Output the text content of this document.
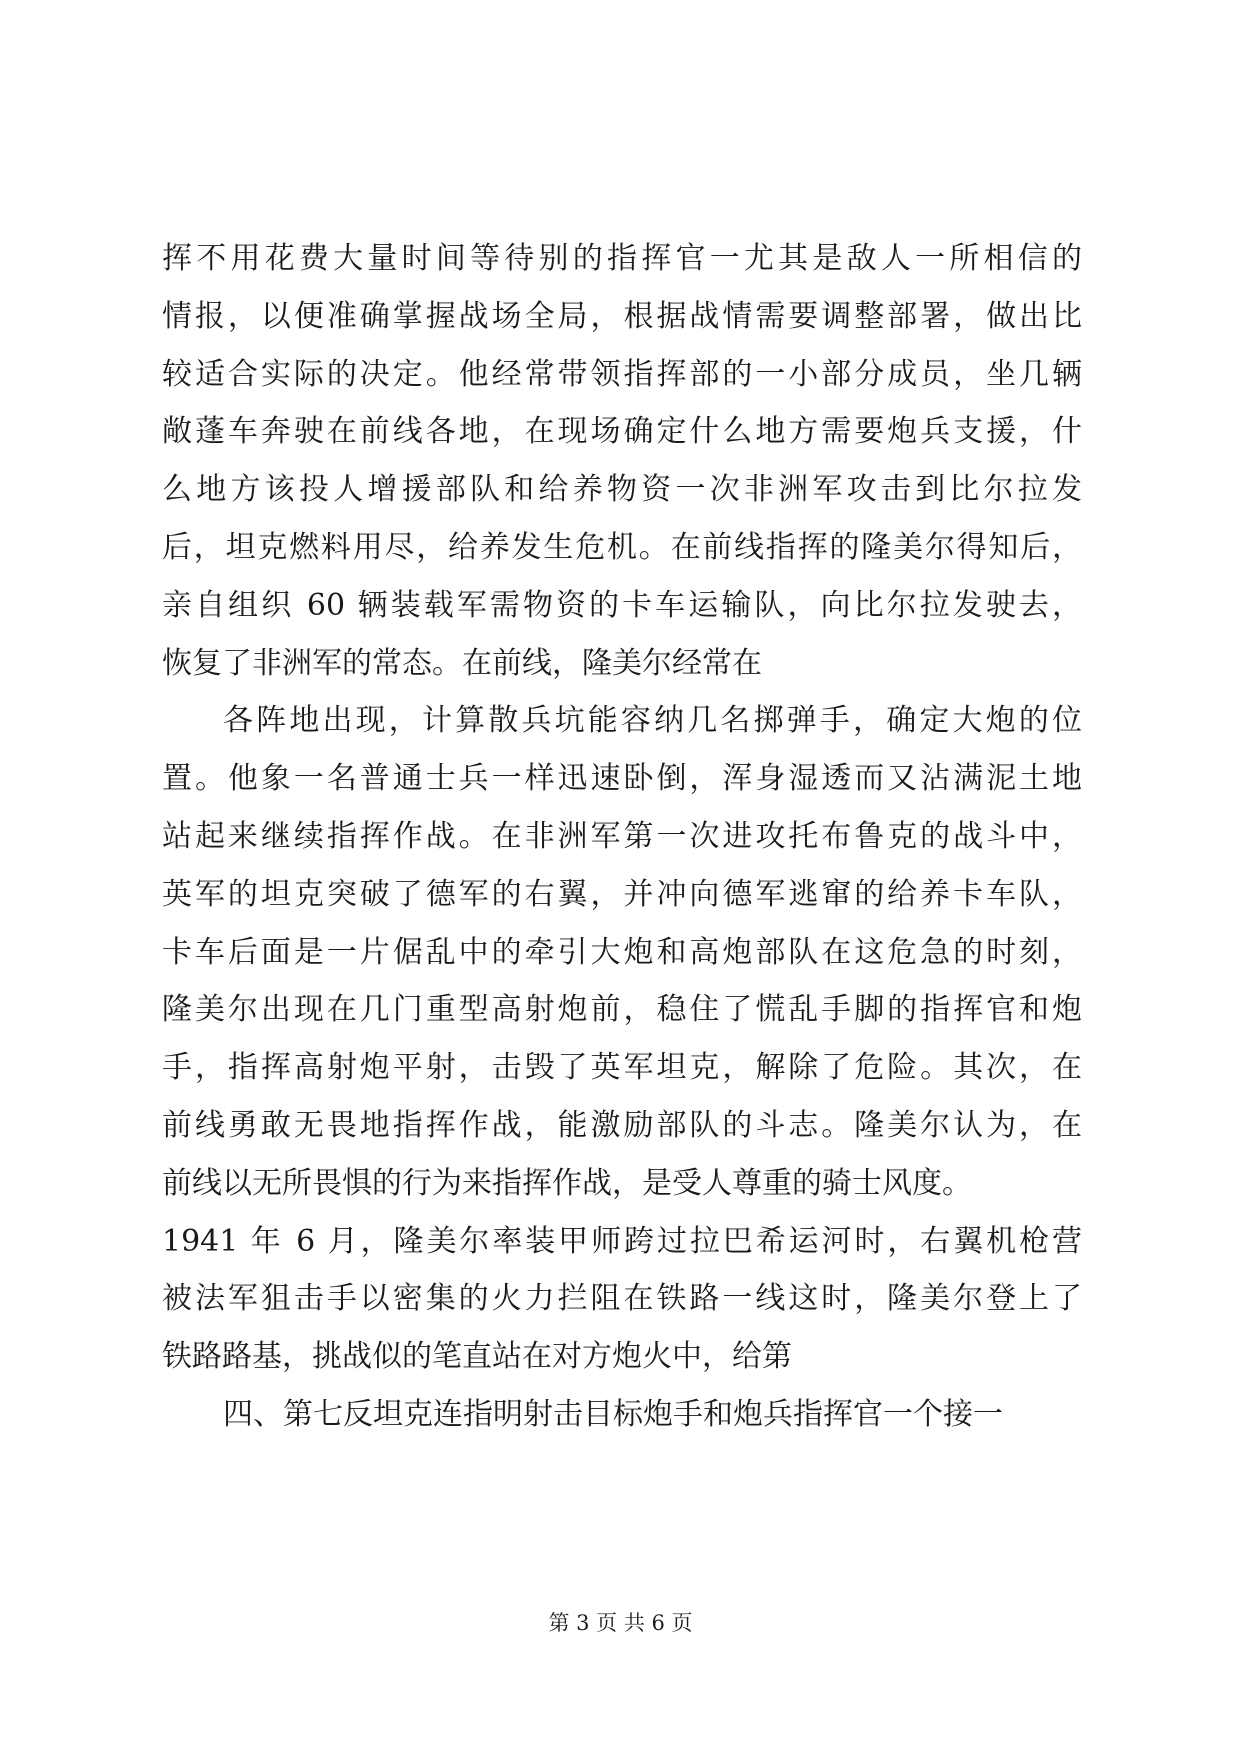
挥不用花费大量时间等待别的指挥官一尤其是敌人一所相信的
情报，以便准确掌握战场全局，根据战情需要调整部署，做出比
较适合实际的决定。他经常带领指挥部的一小部分成员，坐几辆
敞蓬车奔驶在前线各地，在现场确定什么地方需要炮兵支援，什
么地方该投人增援部队和给养物资一次非洲军攻击到比尔拉发
后，坦克燃料用尽，给养发生危机。在前线指挥的隆美尔得知后，
亲自组织 60 辆装载军需物资的卡车运输队，向比尔拉发驶去，
恢复了非洲军的常态。在前线，隆美尔经常在
各阵地出现，计算散兵坑能容纳几名掷弹手，确定大炮的位
置。他象一名普通士兵一样迅速卧倒，浑身湿透而又沾满泥土地
站起来继续指挥作战。在非洲军第一次进攻托布鲁克的战斗中，
英军的坦克突破了德军的右翼，并冲向德军逃窜的给养卡车队，
卡车后面是一片倨乱中的牵引大炮和高炮部队在这危急的时刻，
隆美尔出现在几门重型高射炮前，稳住了慌乱手脚的指挥官和炮
手，指挥高射炮平射，击毁了英军坦克，解除了危险。其次，在
前线勇敢无畏地指挥作战，能激励部队的斗志。隆美尔认为，在
前线以无所畏惧的行为来指挥作战，是受人尊重的骑士风度。
1941 年 6 月，隆美尔率装甲师跨过拉巴希运河时，右翼机枪营
被法军狙击手以密集的火力拦阻在铁路一线这时，隆美尔登上了
铁路路基，挑战似的笔直站在对方炮火中，给第
四、第七反坦克连指明射击目标炮手和炮兵指挥官一个接一
第 3 页 共 6 页
